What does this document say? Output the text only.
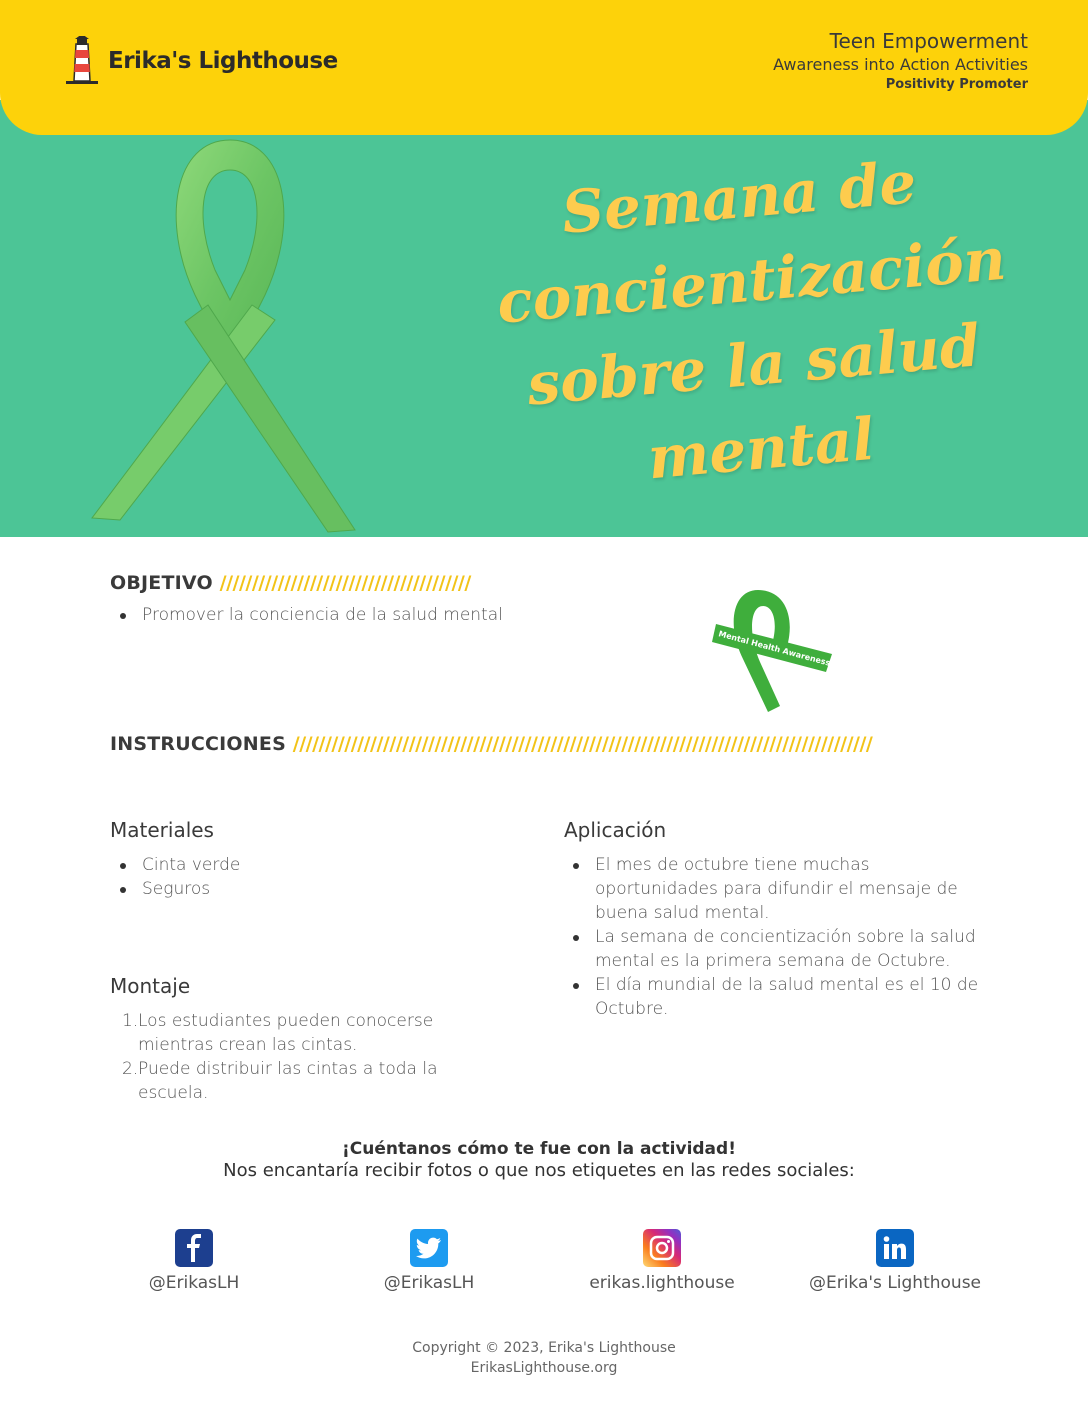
Erika's Lighthouse
Teen Empowerment
Awareness into Action Activities
Positivity Promoter
Semana de concientización sobre la salud mental
OBJETIVO ///////////////////////////////////////
Promover la conciencia de la salud mental
Mental Health Awareness
INSTRUCCIONES //////////////////////////////////////////////////////////////////////////////////////////
Materiales
Cinta verde
Seguros
Montaje
1. Los estudiantes pueden conocerse mientras crean las cintas.
2. Puede distribuir las cintas a toda la escuela.
Aplicación
El mes de octubre tiene muchas oportunidades para difundir el mensaje de buena salud mental.
La semana de concientización sobre la salud mental es la primera semana de Octubre.
El día mundial de la salud mental es el 10 de Octubre.
¡Cuéntanos cómo te fue con la actividad!
Nos encantaría recibir fotos o que nos etiquetes en las redes sociales:
@ErikasLH	@ErikasLH	erikas.lighthouse	@Erika's Lighthouse
Copyright © 2023, Erika's Lighthouse
ErikasLighthouse.org
